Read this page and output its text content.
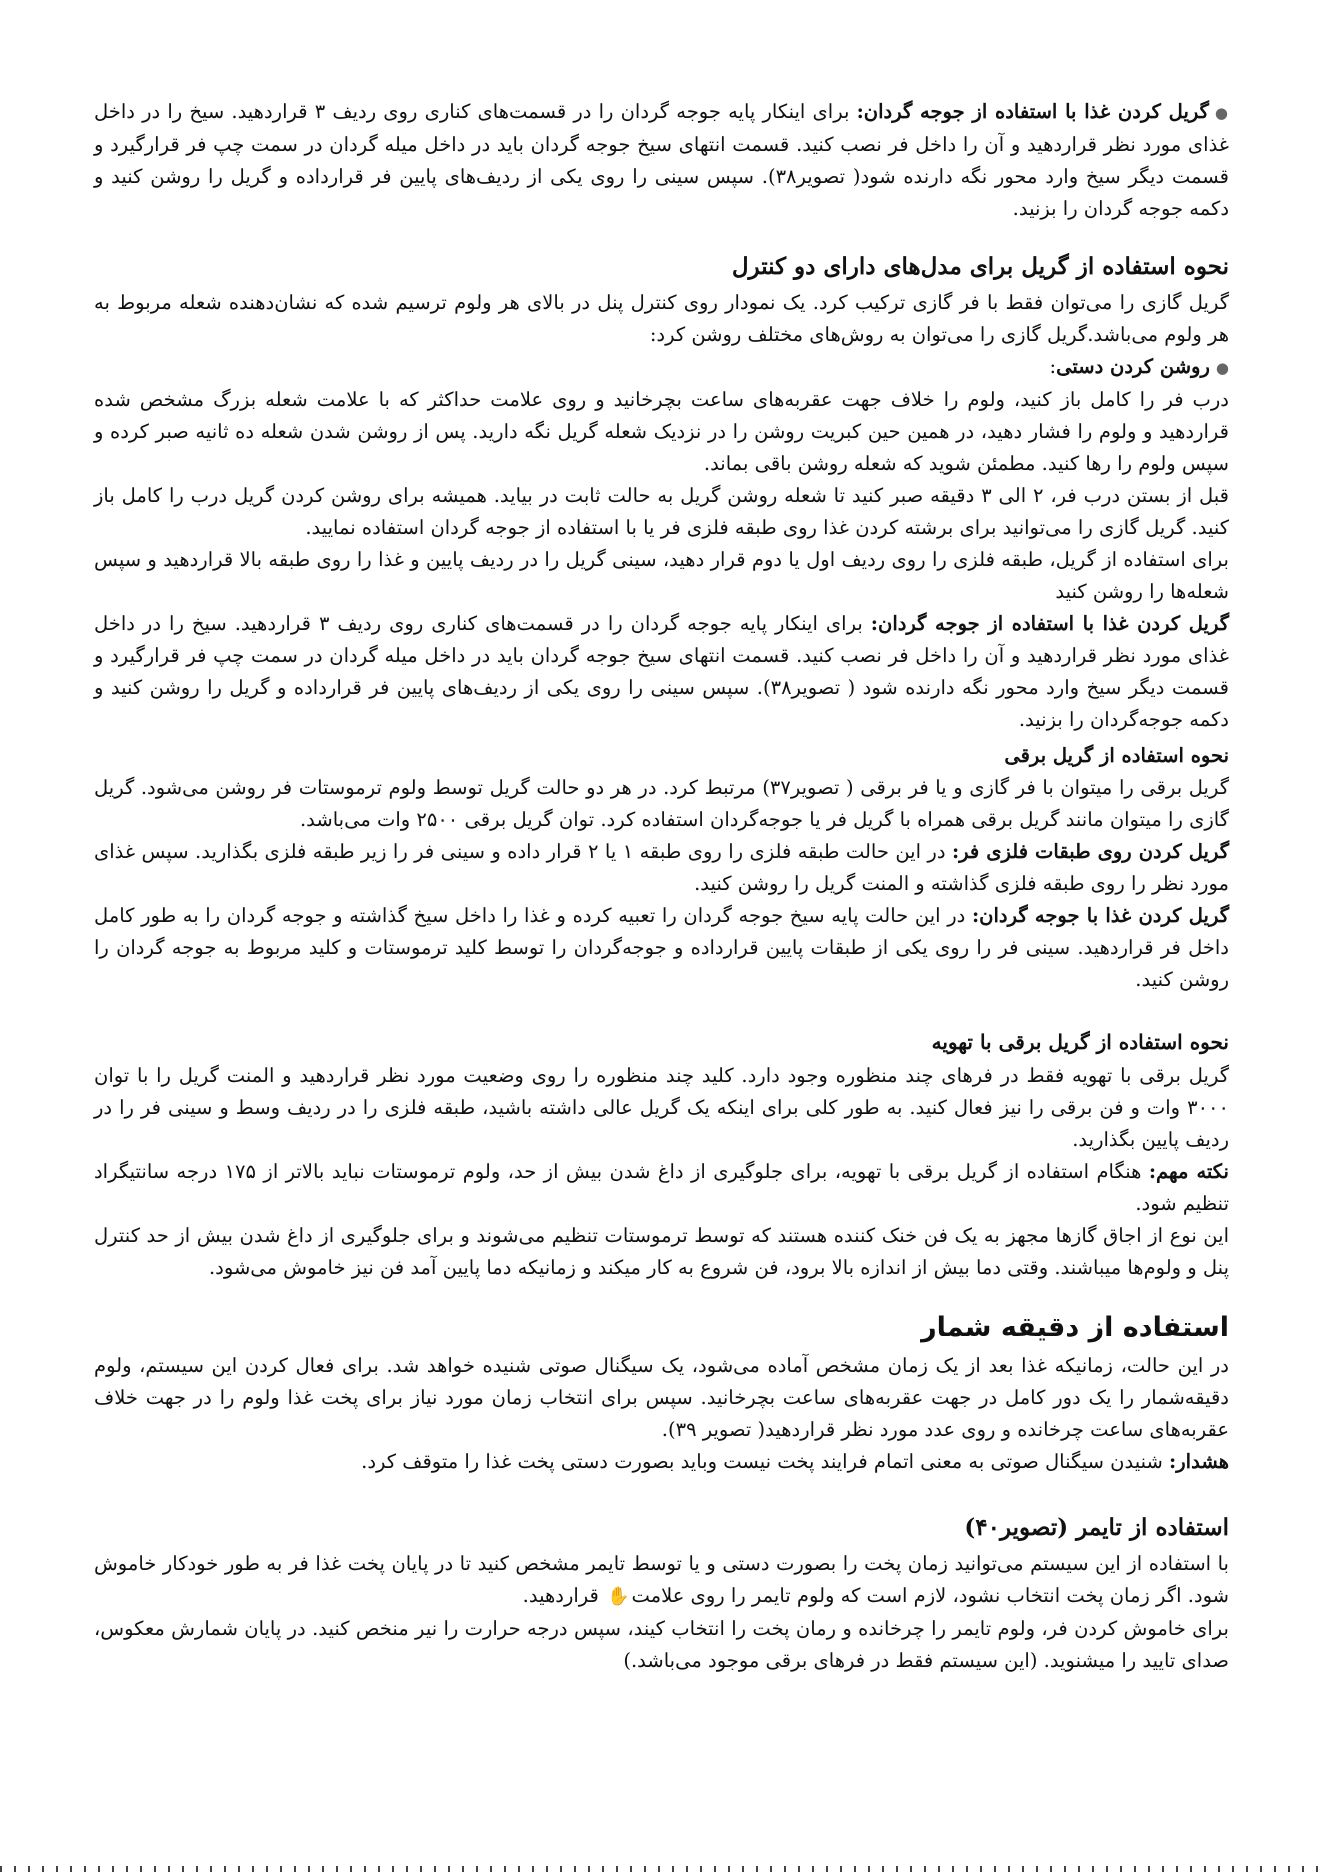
● گریل کردن غذا با استفاده از جوجه گردان: برای اینکار پایه جوجه گردان را در قسمت‌های کناری روی ردیف ۳ قراردهید. سیخ را در داخل غذای مورد نظر قراردهید و آن را داخل فر نصب کنید. قسمت انتهای سیخ جوجه گردان باید در داخل میله گردان در سمت چپ فر قرارگیرد و قسمت دیگر سیخ وارد محور نگه دارنده شود( تصویر۳۸). سپس سینی را روی یکی از ردیف‌های پایین فر قرارداده و گریل را روشن کنید و دکمه جوجه گردان را بزنید.

نحوه استفاده از گریل برای مدل‌های دارای دو کنترل

گریل گازی را می‌توان فقط با فر گازی ترکیب کرد. یک نمودار روی کنترل پنل در بالای هر ولوم ترسیم شده که نشان‌دهنده شعله مربوط به هر ولوم می‌باشد.گریل گازی را می‌توان به روش‌های مختلف روشن کرد:

● روشن کردن دستی:

درب فر را کامل باز کنید، ولوم را خلاف جهت عقربه‌های ساعت بچرخانید و روی علامت حداکثر که با علامت شعله بزرگ مشخص شده قراردهید و ولوم را فشار دهید، در همین حین کبریت روشن را در نزدیک شعله گریل نگه دارید. پس از روشن شدن شعله ده ثانیه صبر کرده و سپس ولوم را رها کنید. مطمئن شوید که شعله روشن باقی بماند.

قبل از بستن درب فر، ۲ الی ۳ دقیقه صبر کنید تا شعله روشن گریل به حالت ثابت در بیاید. همیشه برای روشن کردن گریل درب را کامل باز کنید. گریل گازی را می‌توانید برای برشته کردن غذا روی طبقه فلزی فر یا با استفاده از جوجه گردان استفاده نمایید.

برای استفاده از گریل، طبقه فلزی را روی ردیف اول یا دوم قرار دهید، سینی گریل را در ردیف پایین و غذا را روی طبقه بالا قراردهید و سپس شعله‌ها را روشن کنید

گریل کردن غذا با استفاده از جوجه گردان: برای اینکار پایه جوجه گردان را در قسمت‌های کناری روی ردیف ۳ قراردهید. سیخ را در داخل غذای مورد نظر قراردهید و آن را داخل فر نصب کنید. قسمت انتهای سیخ جوجه گردان باید در داخل میله گردان در سمت چپ فر قرارگیرد و قسمت دیگر سیخ وارد محور نگه دارنده شود ( تصویر۳۸). سپس سینی را روی یکی از ردیف‌های پایین فر قرارداده و گریل را روشن کنید و دکمه جوجه‌گردان را بزنید.

نحوه استفاده از گریل برقی

گریل برقی را میتوان با فر گازی و یا فر برقی ( تصویر۳۷) مرتبط کرد. در هر دو حالت گریل توسط ولوم ترموستات فر روشن می‌شود. گریل گازی را میتوان مانند گریل برقی همراه با گریل فر یا جوجه‌گردان استفاده کرد. توان گریل برقی ۲۵۰۰ وات می‌باشد.

گریل کردن روی طبقات فلزی فر: در این حالت طبقه فلزی را روی طبقه ۱ یا ۲ قرار داده و سینی فر را زیر طبقه فلزی بگذارید. سپس غذای مورد نظر را روی طبقه فلزی گذاشته و المنت گریل را روشن کنید.

گریل کردن غذا با جوجه گردان: در این حالت پایه سیخ جوجه گردان را تعبیه کرده و غذا را داخل سیخ گذاشته و جوجه گردان را به طور کامل داخل فر قراردهید. سینی فر را روی یکی از طبقات پایین قرارداده و جوجه‌گردان را توسط کلید ترموستات و کلید مربوط به جوجه گردان را روشن کنید.

نحوه استفاده از گریل برقی با تهویه

گریل برقی با تهویه فقط در فرهای چند منظوره وجود دارد. کلید چند منظوره را روی وضعیت مورد نظر قراردهید و المنت گریل را با توان ۳۰۰۰ وات و فن برقی را نیز فعال کنید. به طور کلی برای اینکه یک گریل عالی داشته باشید، طبقه فلزی را در ردیف وسط و سینی فر را در ردیف پایین بگذارید.

نکته مهم: هنگام استفاده از گریل برقی با تهویه، برای جلوگیری از داغ شدن بیش از حد، ولوم ترموستات نباید بالاتر از ۱۷۵ درجه سانتیگراد تنظیم شود.

این نوع از اجاق گازها مجهز به یک فن خنک کننده هستند که توسط ترموستات تنظیم می‌شوند و برای جلوگیری از داغ شدن بیش از حد کنترل پنل و ولوم‌ها میباشند. وقتی دما بیش از اندازه بالا برود، فن شروع به کار میکند و زمانیکه دما پایین آمد فن نیز خاموش می‌شود.

استفاده از دقیقه شمار

در این حالت، زمانیکه غذا بعد از یک زمان مشخص آماده می‌شود، یک سیگنال صوتی شنیده خواهد شد. برای فعال کردن این سیستم، ولوم دقیقه‌شمار را یک دور کامل در جهت عقربه‌های ساعت بچرخانید. سپس برای انتخاب زمان مورد نیاز برای پخت غذا ولوم را در جهت خلاف عقربه‌های ساعت چرخانده و روی عدد مورد نظر قراردهید( تصویر ۳۹).

هشدار: شنیدن سیگنال صوتی به معنی اتمام فرایند پخت نیست وباید بصورت دستی پخت غذا را متوقف کرد.

استفاده از تایمر (تصویر۴۰)

با استفاده از این سیستم می‌توانید زمان پخت را بصورت دستی و یا توسط تایمر مشخص کنید تا در پایان پخت غذا فر به طور خودکار خاموش شود. اگر زمان پخت انتخاب نشود، لازم است که ولوم تایمر را روی علامت✋ قراردهید.

برای خاموش کردن فر، ولوم تایمر را چرخانده و رمان پخت را انتخاب کیند، سپس درجه حرارت را نیر منخص کنید. در پایان شمارش معکوس، صدای تایید را میشنوید. (این سیستم فقط در فرهای برقی موجود می‌باشد.)
